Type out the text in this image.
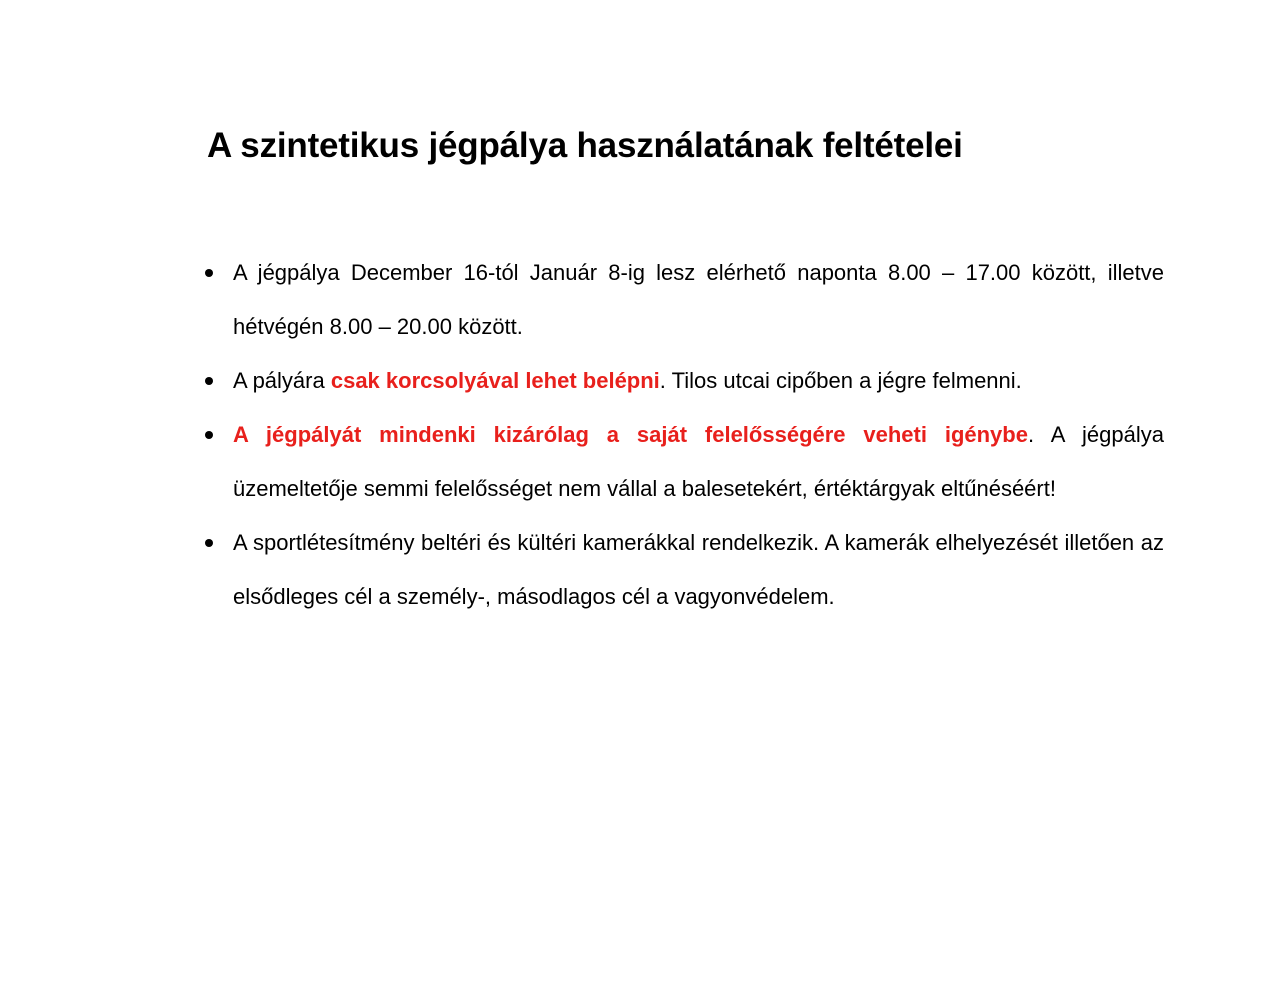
A szintetikus jégpálya használatának feltételei
A jégpálya December 16-tól Január 8-ig lesz elérhető naponta 8.00 – 17.00 között, illetve hétvégén 8.00 – 20.00 között.
A pályára csak korcsolyával lehet belépni. Tilos utcai cipőben a jégre felmenni.
A jégpályát mindenki kizárólag a saját felelősségére veheti igénybe. A jégpálya üzemeltetője semmi felelősséget nem vállal a balesetekért, értéktárgyak eltűnéséért!
A sportlétesítmény beltéri és kültéri kamerákkal rendelkezik. A kamerák elhelyezését illetően az elsődleges cél a személy-, másodlagos cél a vagyonvédelem.
